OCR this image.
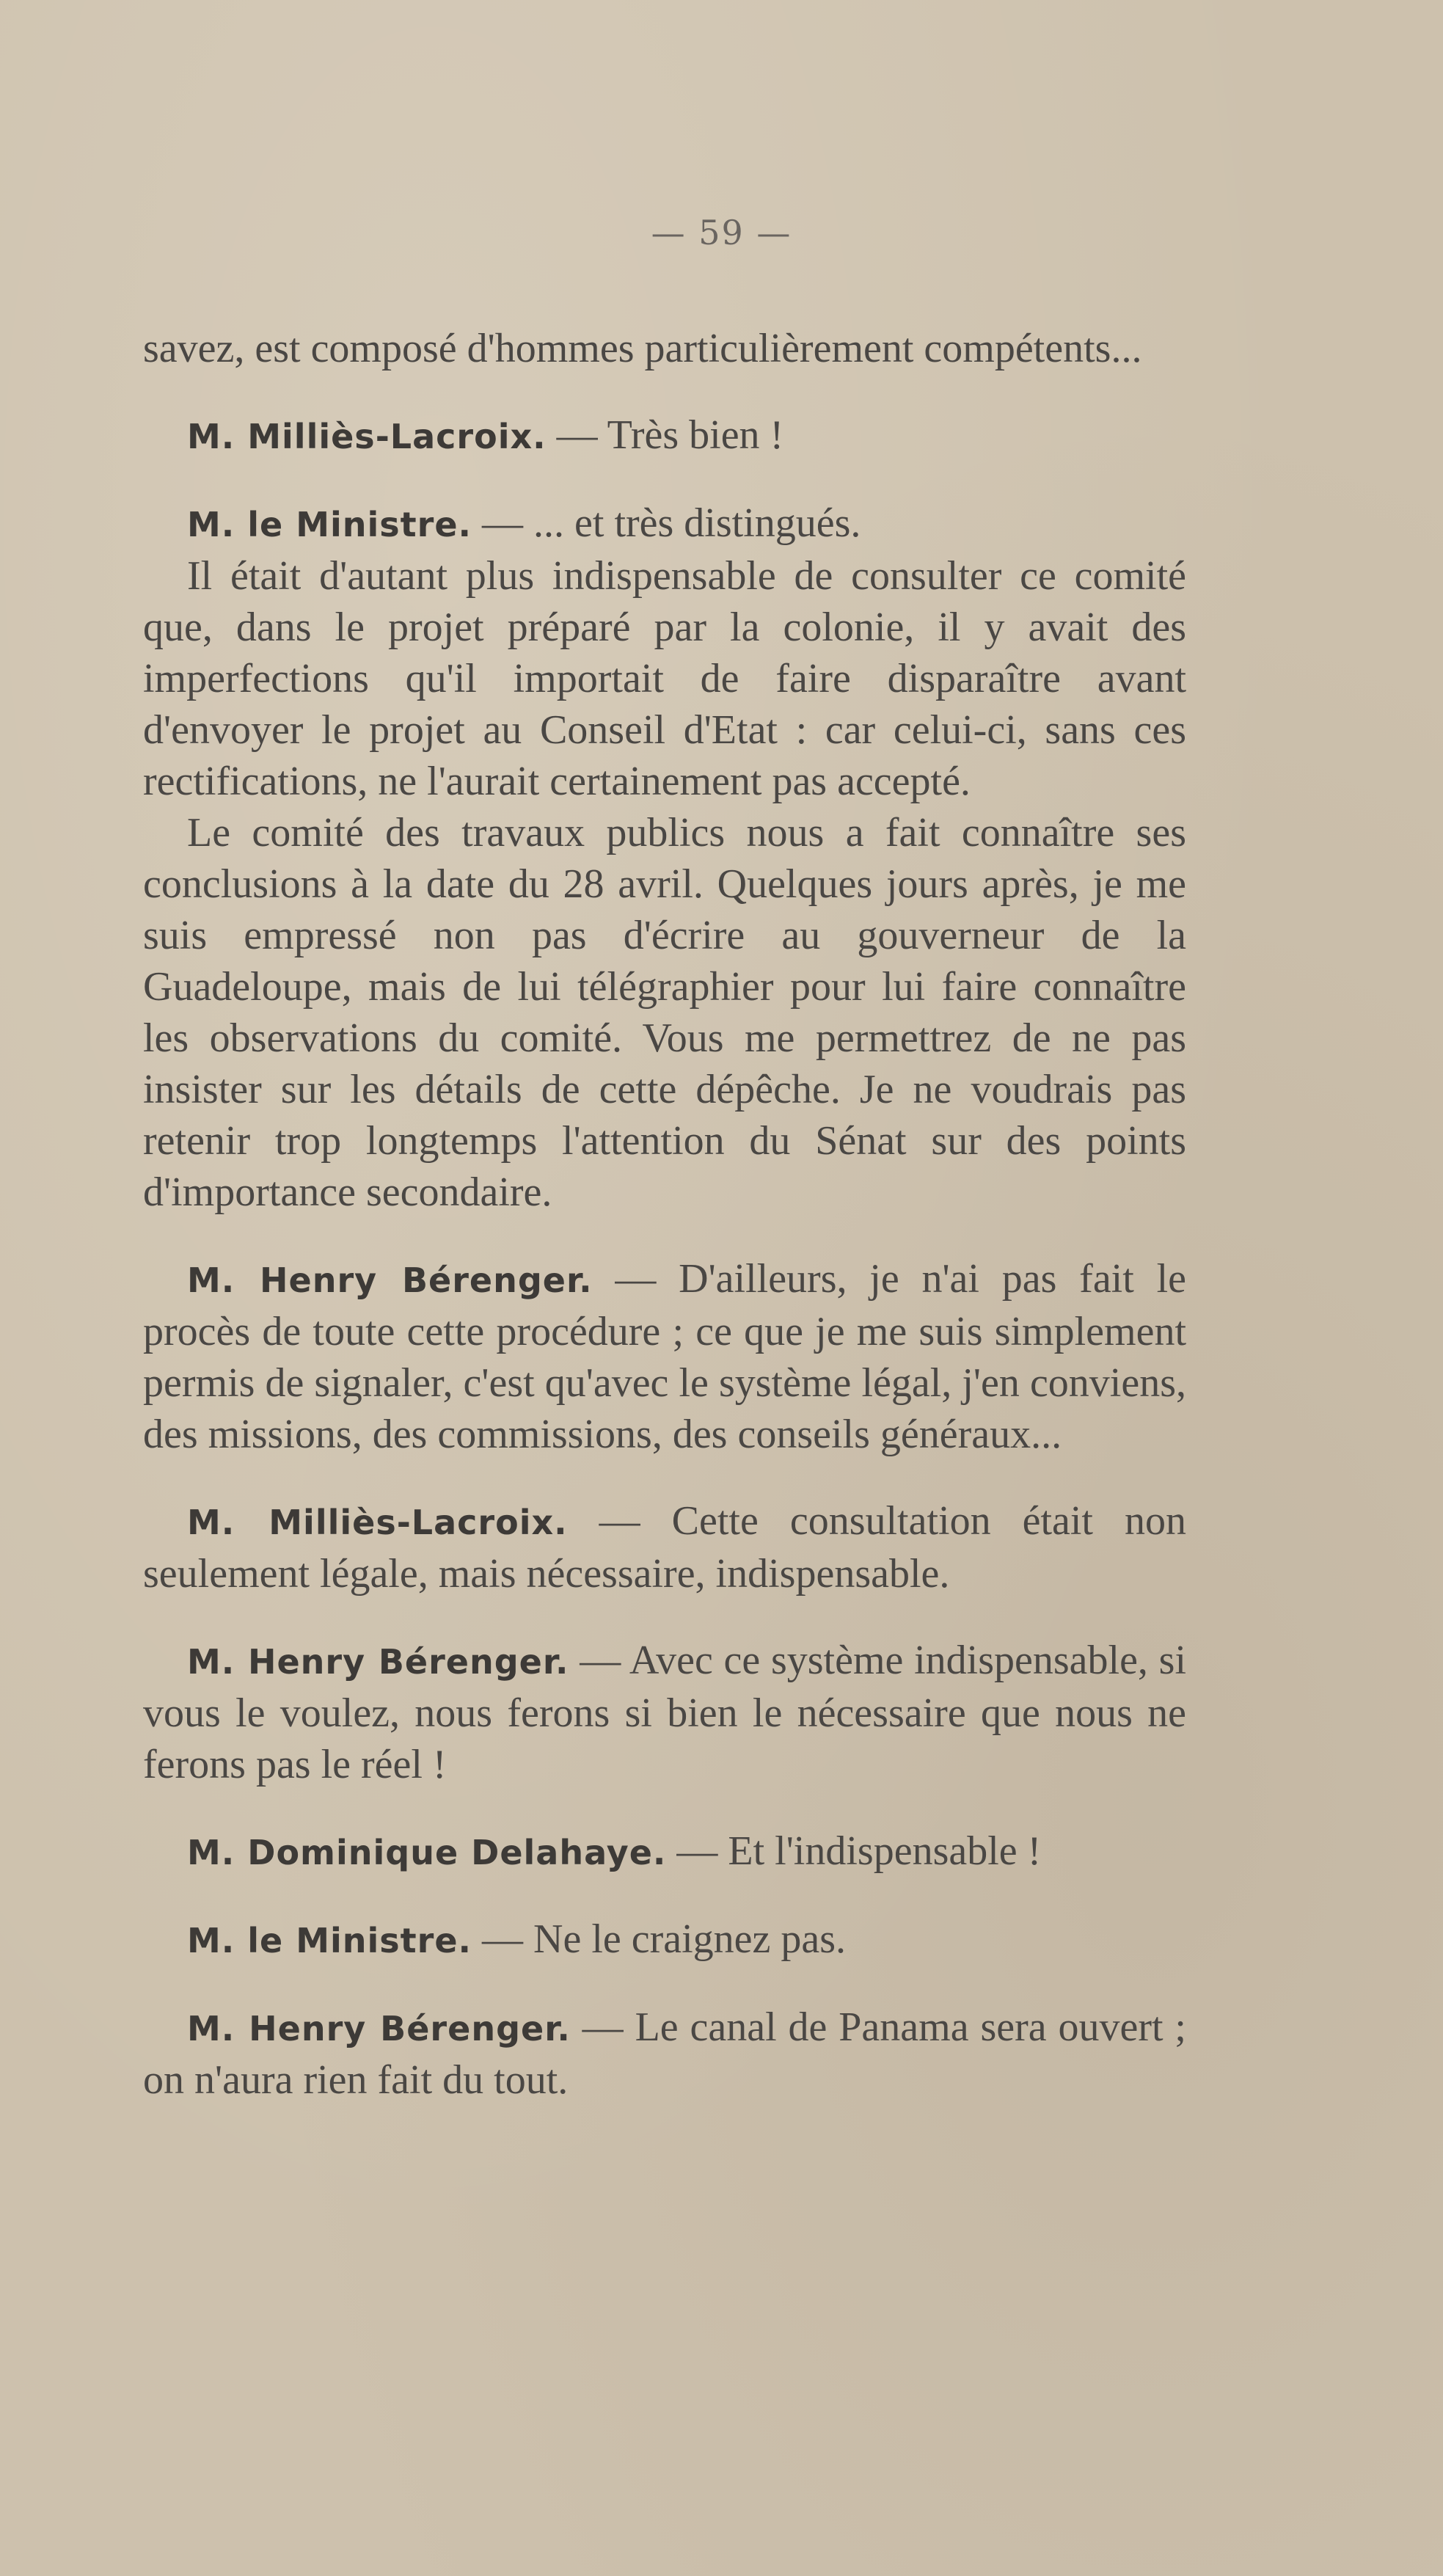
— 59 —

savez, est composé d'hommes particulièrement compétents...

M. Milliès-Lacroix. — Très bien !

M. le Ministre. — ... et très distingués.

Il était d'autant plus indispensable de consulter ce comité que, dans le projet préparé par la colonie, il y avait des imperfections qu'il importait de faire disparaître avant d'envoyer le projet au Conseil d'Etat : car celui-ci, sans ces rectifications, ne l'aurait certainement pas accepté.

Le comité des travaux publics nous a fait connaître ses conclusions à la date du 28 avril. Quelques jours après, je me suis empressé non pas d'écrire au gouverneur de la Guadeloupe, mais de lui télégraphier pour lui faire connaître les observations du comité. Vous me permettrez de ne pas insister sur les détails de cette dépêche. Je ne voudrais pas retenir trop longtemps l'attention du Sénat sur des points d'importance secondaire.

M. Henry Bérenger. — D'ailleurs, je n'ai pas fait le procès de toute cette procédure ; ce que je me suis simplement permis de signaler, c'est qu'avec le système légal, j'en conviens, des missions, des commissions, des conseils généraux...

M. Milliès-Lacroix. — Cette consultation était non seulement légale, mais nécessaire, indispensable.

M. Henry Bérenger. — Avec ce système indispensable, si vous le voulez, nous ferons si bien le nécessaire que nous ne ferons pas le réel !

M. Dominique Delahaye. — Et l'indispensable !

M. le Ministre. — Ne le craignez pas.

M. Henry Bérenger. — Le canal de Panama sera ouvert ; on n'aura rien fait du tout.
